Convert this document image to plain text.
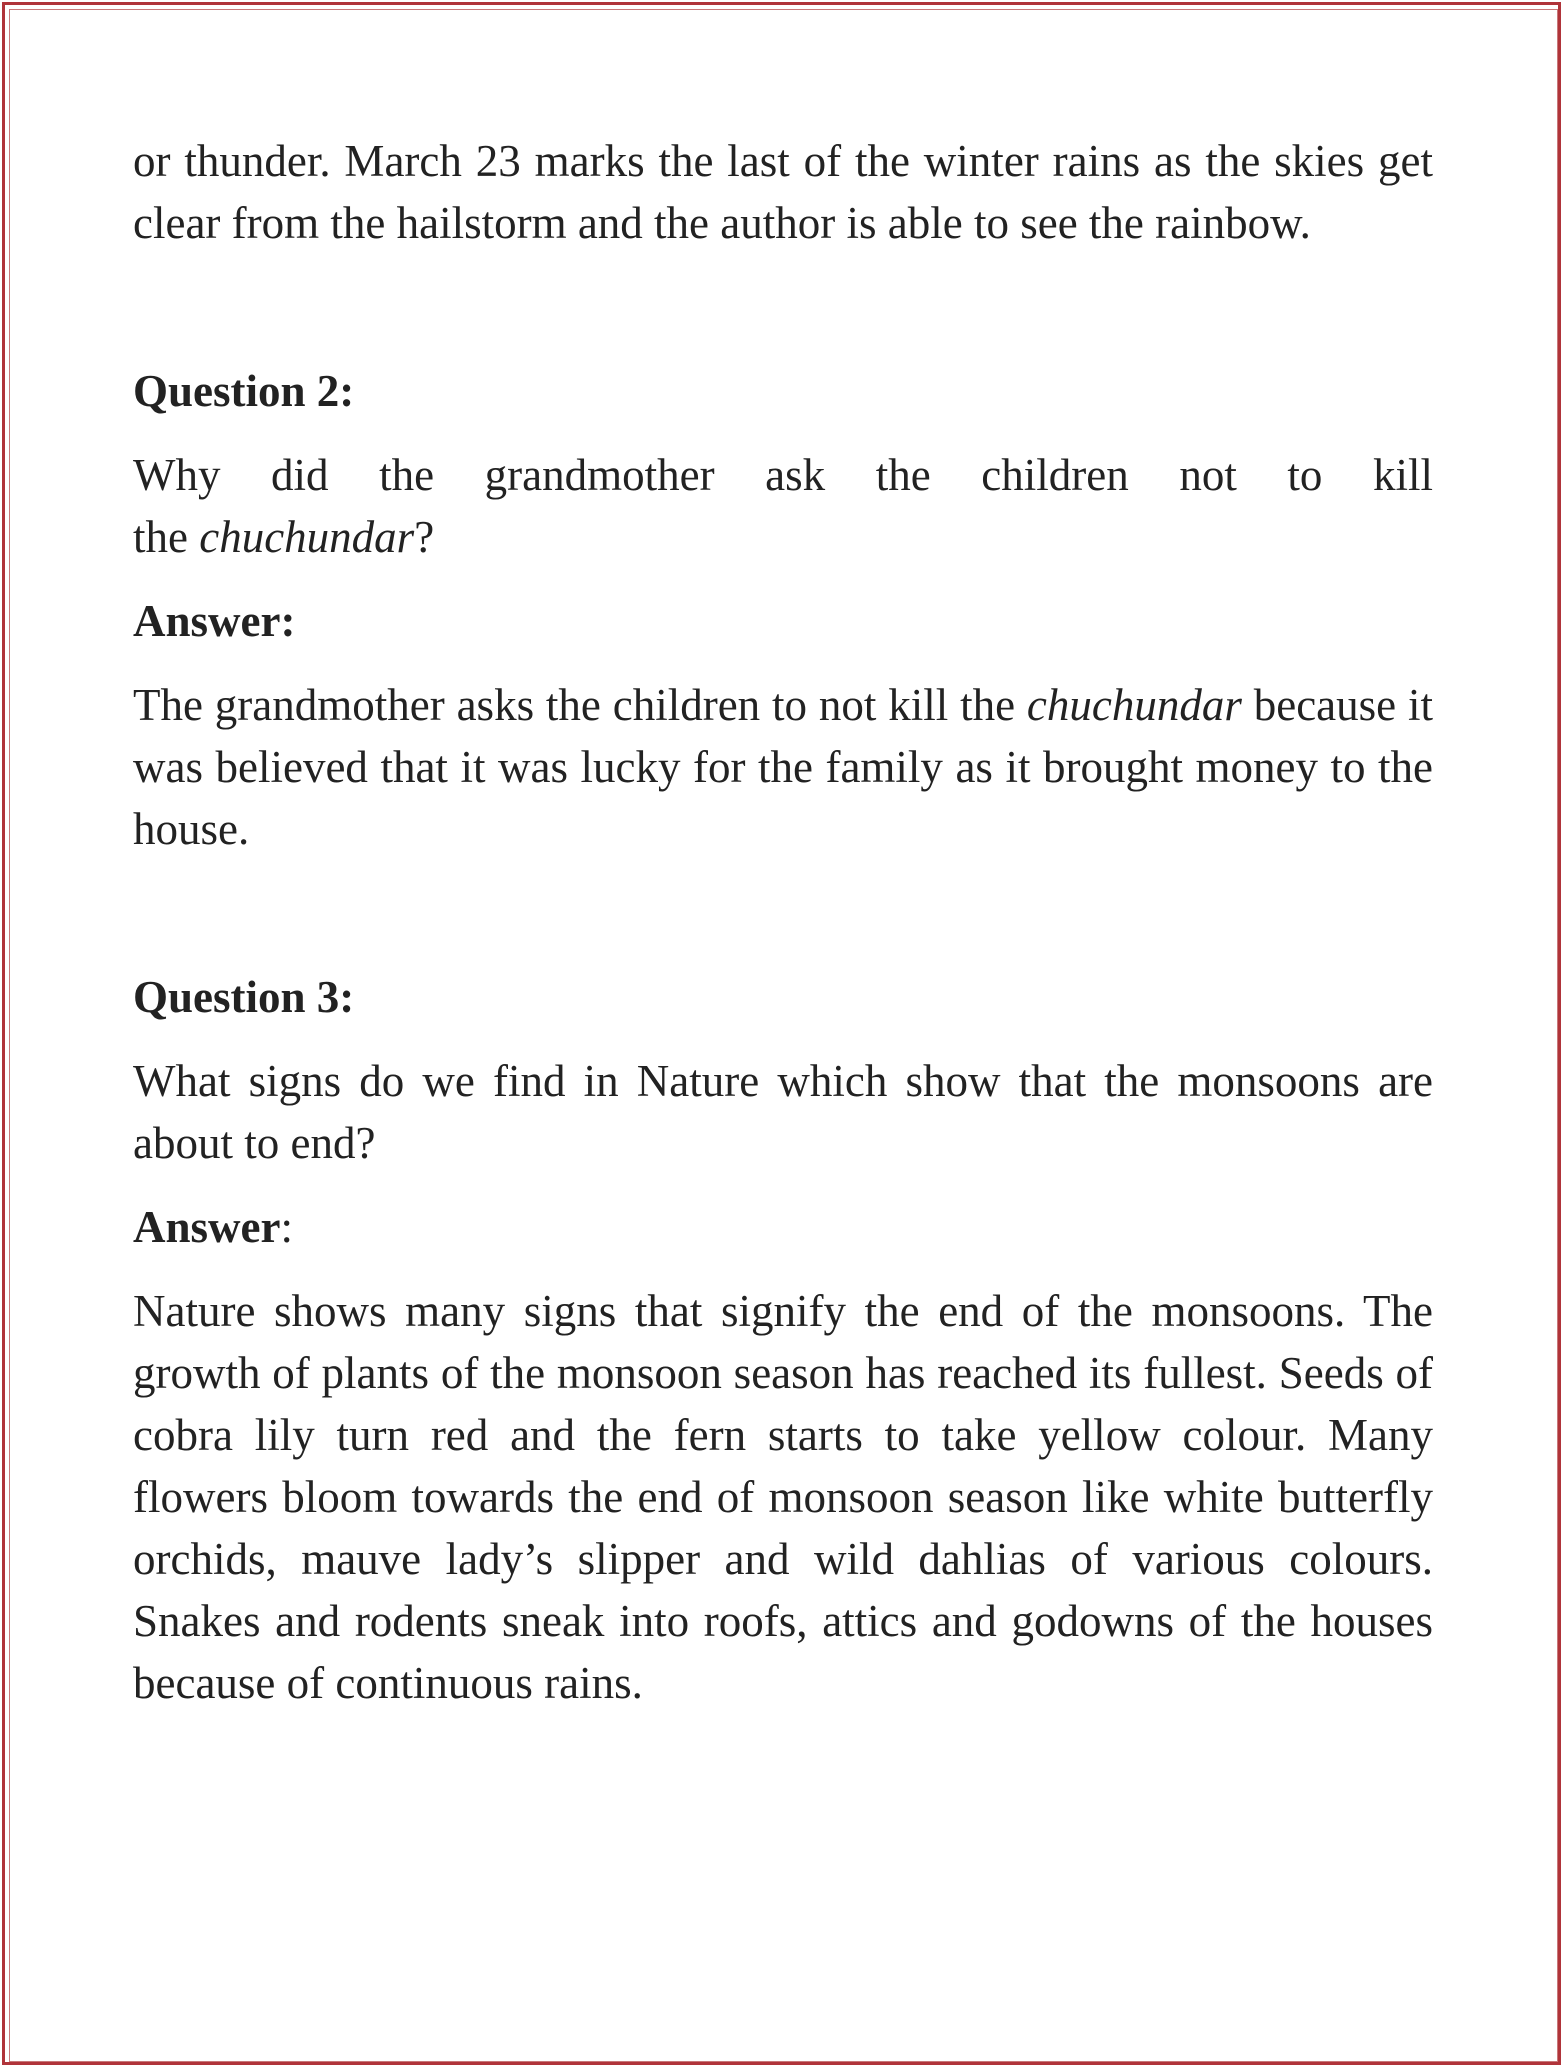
or thunder. March 23 marks the last of the winter rains as the skies get clear from the hailstorm and the author is able to see the rainbow.

Question 2:

Why did the grandmother ask the children not to kill

the chuchundar?

Answer:

The grandmother asks the children to not kill the chuchundar because it was believed that it was lucky for the family as it brought money to the house.

Question 3:

What signs do we find in Nature which show that the monsoons are about to end?

Answer:

Nature shows many signs that signify the end of the monsoons. The growth of plants of the monsoon season has reached its fullest. Seeds of cobra lily turn red and the fern starts to take yellow colour. Many flowers bloom towards the end of monsoon season like white butterfly orchids, mauve lady’s slipper and wild dahlias of various colours. Snakes and rodents sneak into roofs, attics and godowns of the houses because of continuous rains.
